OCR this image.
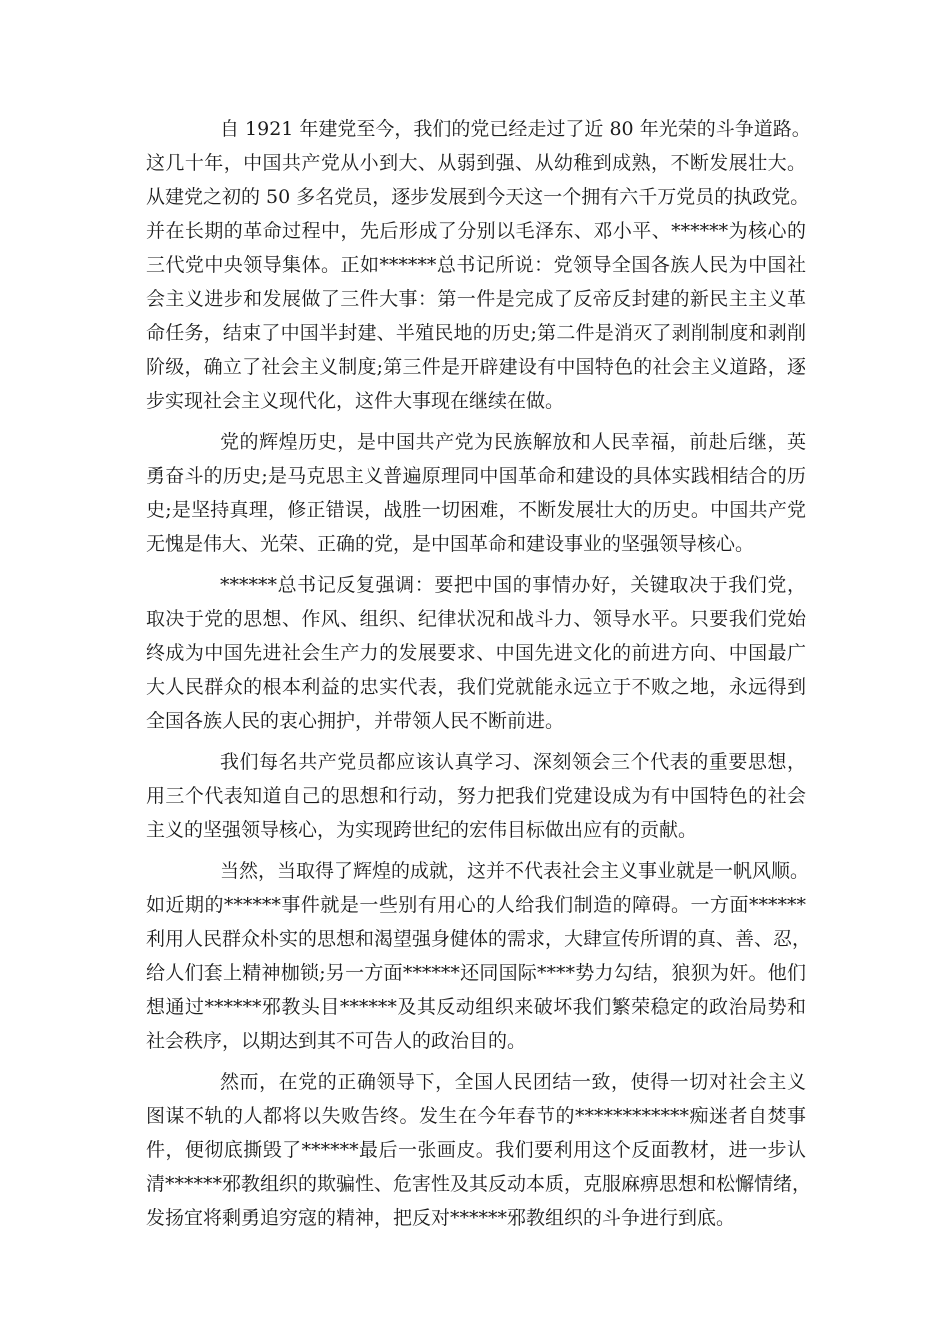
自 1921 年建党至今，我们的党已经走过了近 80 年光荣的斗争道路。
这几十年，中国共产党从小到大、从弱到强、从幼稚到成熟，不断发展壮大。
从建党之初的 50 多名党员，逐步发展到今天这一个拥有六千万党员的执政党。
并在长期的革命过程中，先后形成了分别以毛泽东、邓小平、******为核心的
三代党中央领导集体。正如******总书记所说：党领导全国各族人民为中国社
会主义进步和发展做了三件大事：第一件是完成了反帝反封建的新民主主义革
命任务，结束了中国半封建、半殖民地的历史;第二件是消灭了剥削制度和剥削
阶级，确立了社会主义制度;第三件是开辟建设有中国特色的社会主义道路，逐
步实现社会主义现代化，这件大事现在继续在做。
党的辉煌历史，是中国共产党为民族解放和人民幸福，前赴后继，英
勇奋斗的历史;是马克思主义普遍原理同中国革命和建设的具体实践相结合的历
史;是坚持真理，修正错误，战胜一切困难，不断发展壮大的历史。中国共产党
无愧是伟大、光荣、正确的党，是中国革命和建设事业的坚强领导核心。
******总书记反复强调：要把中国的事情办好，关键取决于我们党，
取决于党的思想、作风、组织、纪律状况和战斗力、领导水平。只要我们党始
终成为中国先进社会生产力的发展要求、中国先进文化的前进方向、中国最广
大人民群众的根本利益的忠实代表，我们党就能永远立于不败之地，永远得到
全国各族人民的衷心拥护，并带领人民不断前进。
我们每名共产党员都应该认真学习、深刻领会三个代表的重要思想，
用三个代表知道自己的思想和行动，努力把我们党建设成为有中国特色的社会
主义的坚强领导核心，为实现跨世纪的宏伟目标做出应有的贡献。
当然，当取得了辉煌的成就，这并不代表社会主义事业就是一帆风顺。
如近期的******事件就是一些别有用心的人给我们制造的障碍。一方面******
利用人民群众朴实的思想和渴望强身健体的需求，大肆宣传所谓的真、善、忍，
给人们套上精神枷锁;另一方面******还同国际****势力勾结，狼狈为奸。他们
想通过******邪教头目******及其反动组织来破坏我们繁荣稳定的政治局势和
社会秩序，以期达到其不可告人的政治目的。
然而，在党的正确领导下，全国人民团结一致，使得一切对社会主义
图谋不轨的人都将以失败告终。发生在今年春节的************痴迷者自焚事
件，便彻底撕毁了******最后一张画皮。我们要利用这个反面教材，进一步认
清******邪教组织的欺骗性、危害性及其反动本质，克服麻痹思想和松懈情绪，
发扬宜将剩勇追穷寇的精神，把反对******邪教组织的斗争进行到底。
